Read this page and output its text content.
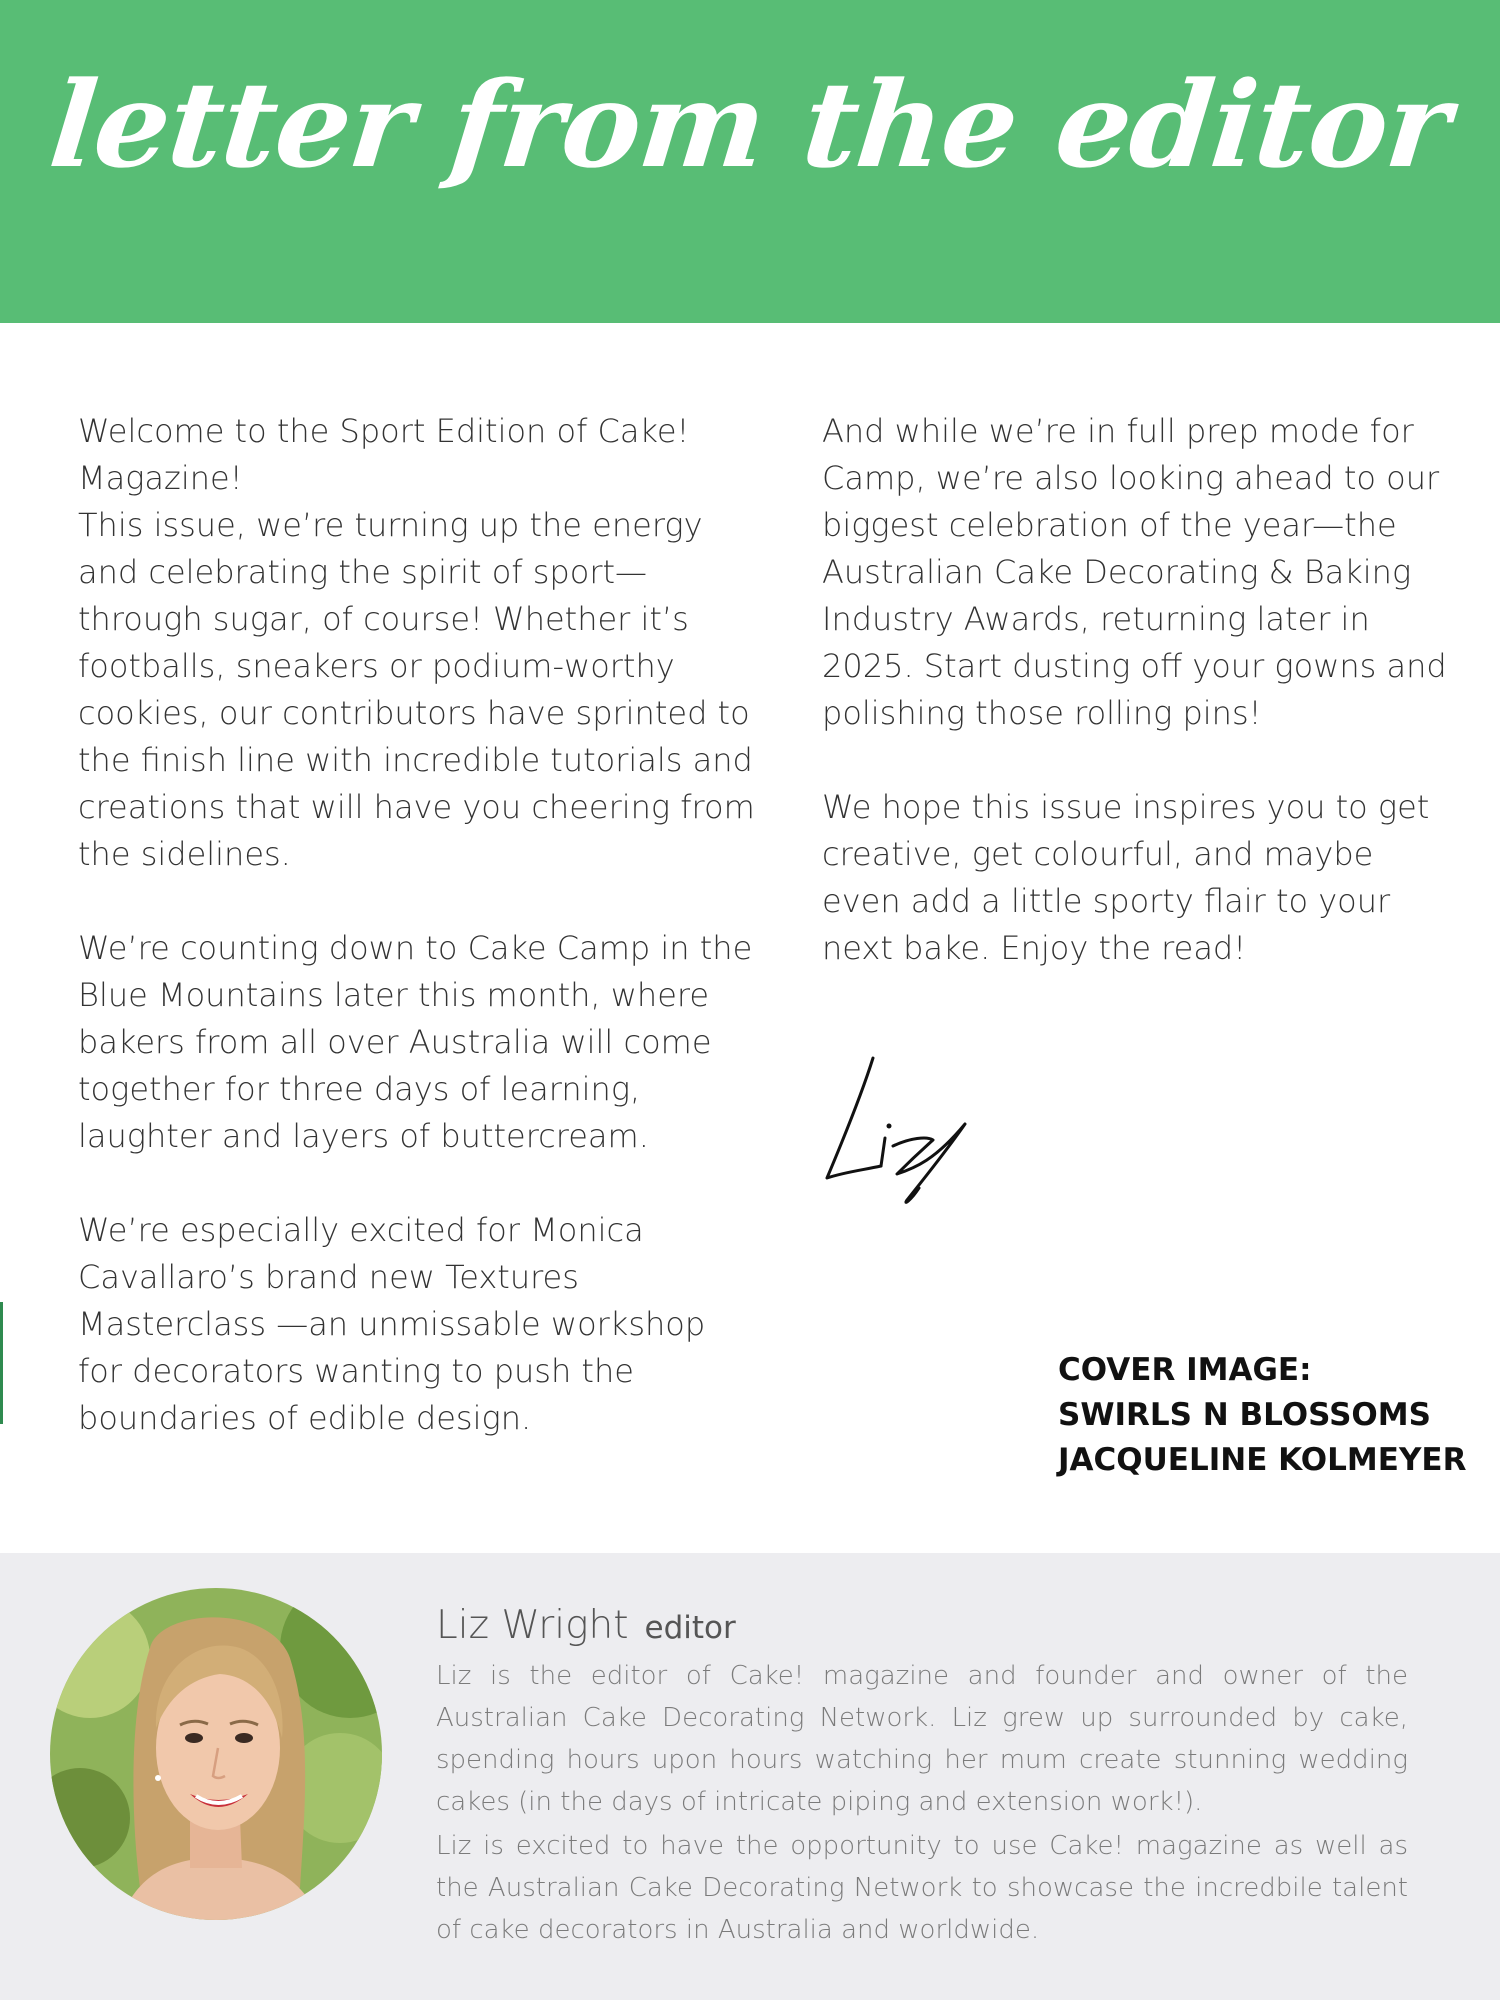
letter from the editor

Welcome to the Sport Edition of Cake! Magazine!

This issue, we’re turning up the energy and celebrating the spirit of sport—through sugar, of course! Whether it’s footballs, sneakers or podium-worthy cookies, our contributors have sprinted to the finish line with incredible tutorials and creations that will have you cheering from the sidelines.

We’re counting down to Cake Camp in the Blue Mountains later this month, where bakers from all over Australia will come together for three days of learning, laughter and layers of buttercream.

We’re especially excited for Monica Cavallaro’s brand new Textures Masterclass —an unmissable workshop for decorators wanting to push the boundaries of edible design.

And while we’re in full prep mode for Camp, we’re also looking ahead to our biggest celebration of the year—the Australian Cake Decorating & Baking Industry Awards, returning later in 2025. Start dusting off your gowns and polishing those rolling pins!

We hope this issue inspires you to get creative, get colourful, and maybe even add a little sporty flair to your next bake. Enjoy the read!

COVER IMAGE:
SWIRLS N BLOSSOMS
JACQUELINE KOLMEYER
Liz Wright editor

Liz is the editor of Cake! magazine and founder and owner of the Australian Cake Decorating Network. Liz grew up surrounded by cake, spending hours upon hours watching her mum create stunning wedding cakes (in the days of intricate piping and extension work!).

Liz is excited to have the opportunity to use Cake! magazine as well as the Australian Cake Decorating Network to showcase the incredbile talent of cake decorators in Australia and worldwide.
